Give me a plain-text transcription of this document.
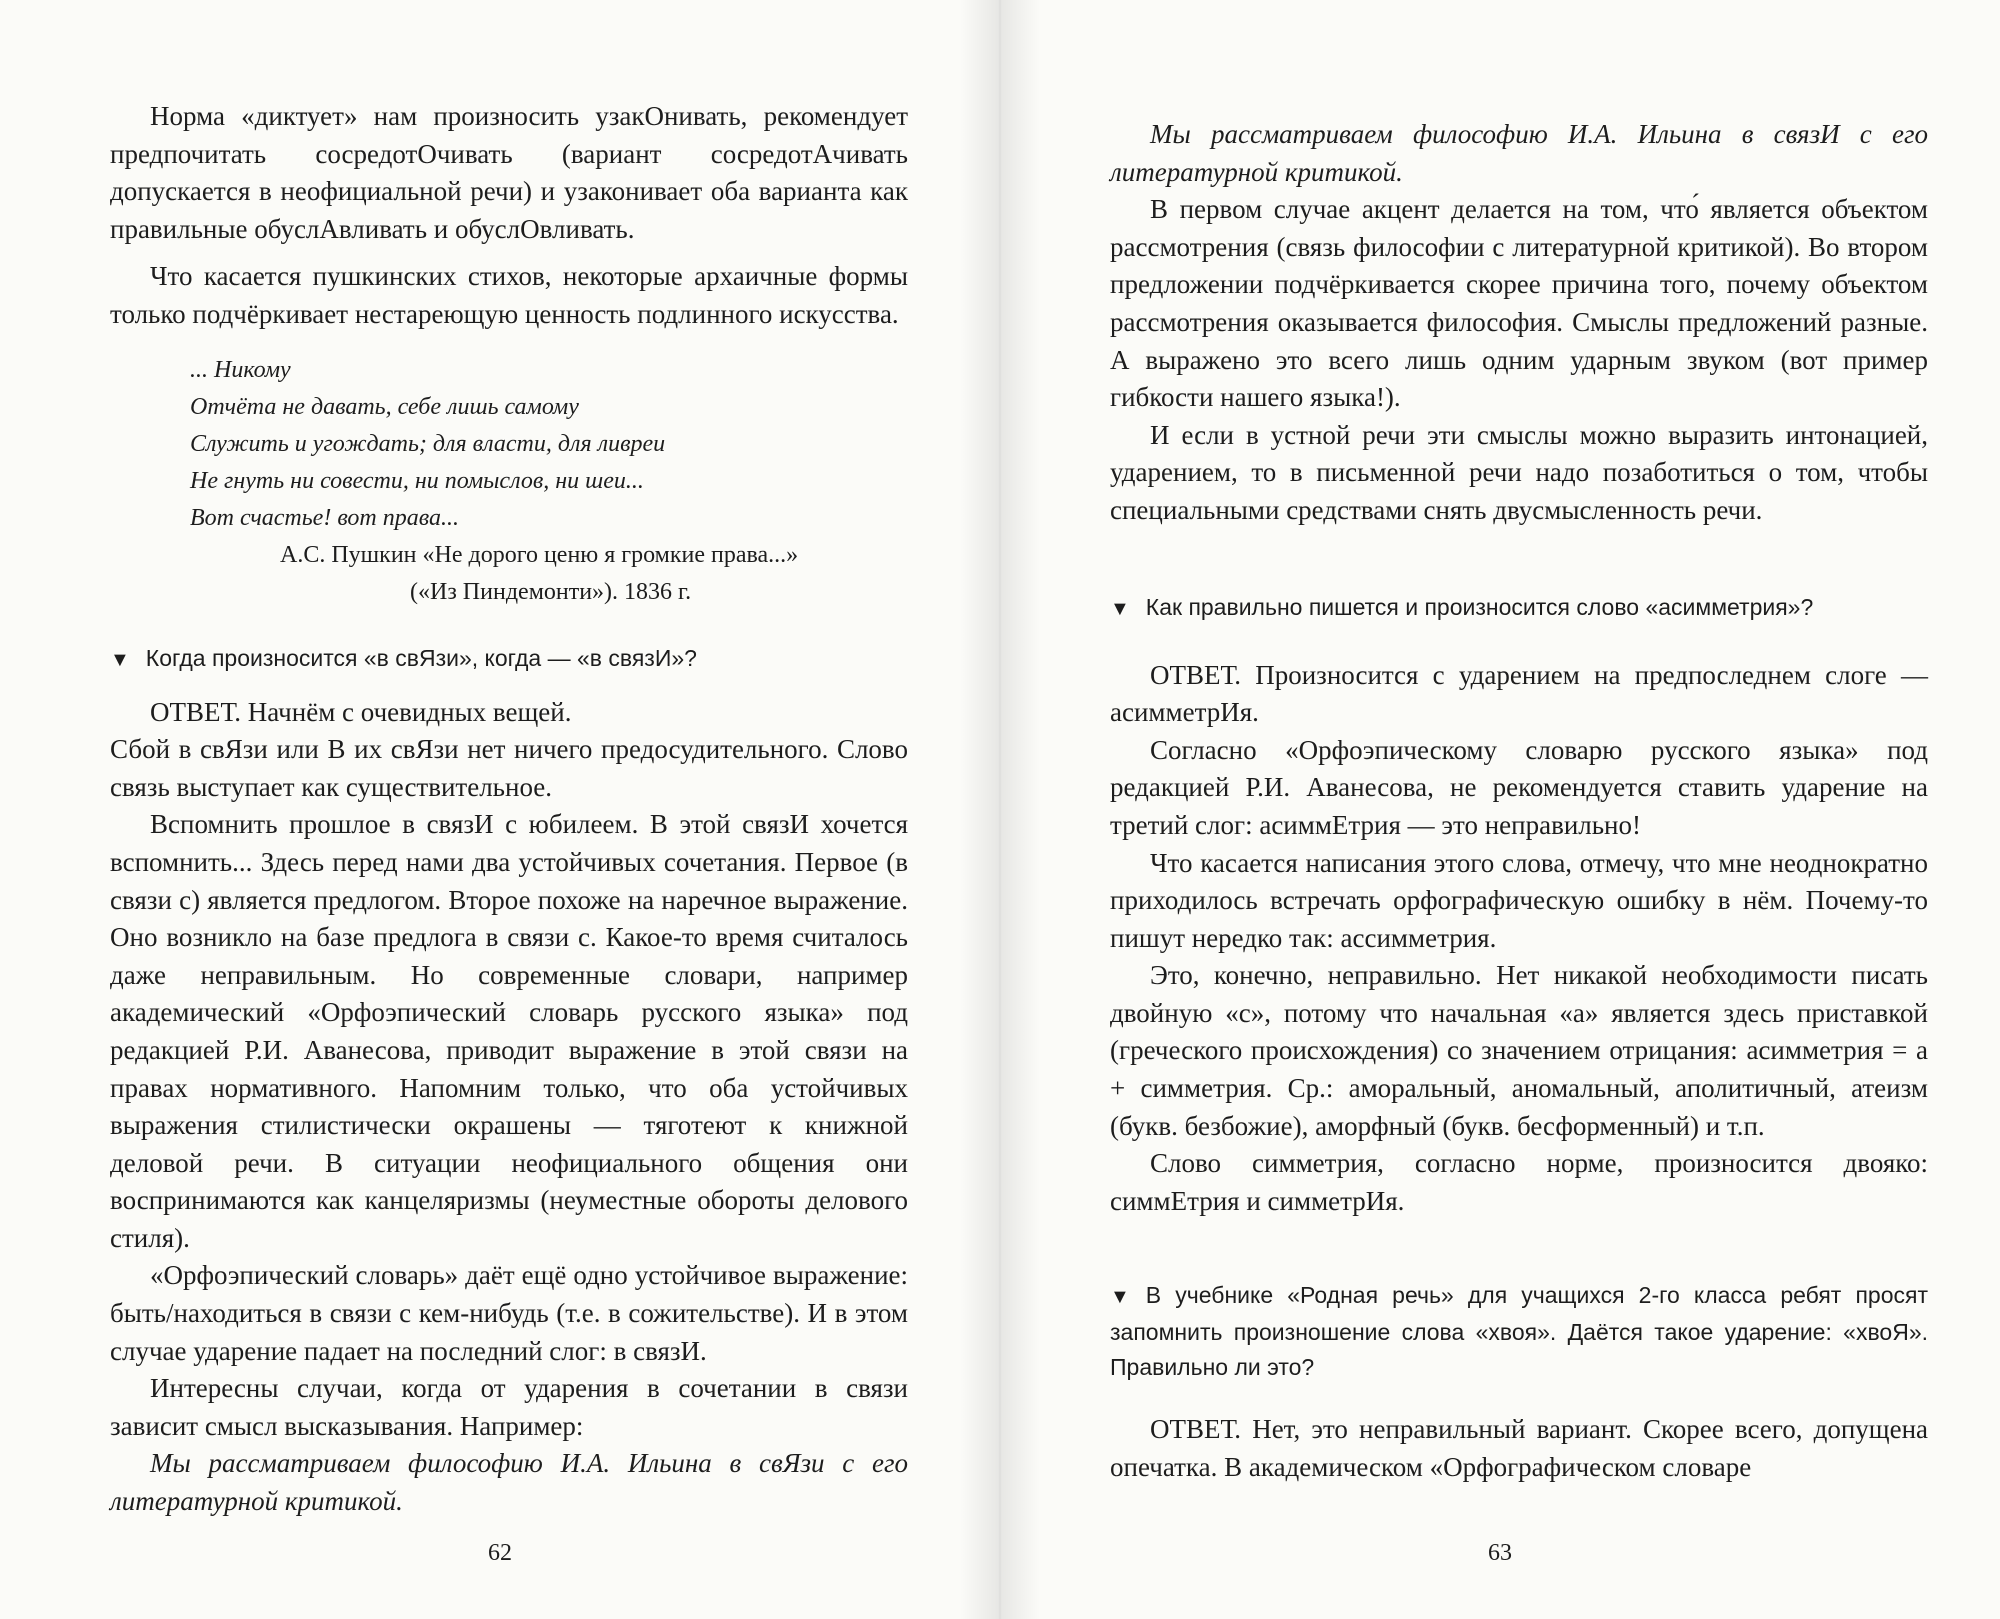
Норма «диктует» нам произносить узакОнивать, рекомендует предпочитать сосредотОчивать (вариант сосредотАчивать допускается в неофициальной речи) и узаконивает оба варианта как правильные обуслАвливать и обуслОвливать.

Что касается пушкинских стихов, некоторые архаичные формы только подчёркивает нестареющую ценность подлинного искусства.

... Никому
Отчёта не давать, себе лишь самому
Служить и угождать; для власти, для ливреи
Не гнуть ни совести, ни помыслов, ни шеи...
Вот счастье! вот права...
А.С. Пушкин «Не дорого ценю я громкие права...»
(«Из Пиндемонти»). 1836 г.
▼ Когда произносится «в свЯзи», когда — «в связИ»?

ОТВЕТ. Начнём с очевидных вещей.

Сбой в свЯзи или В их свЯзи нет ничего предосудительного. Слово связь выступает как существительное.

Вспомнить прошлое в связИ с юбилеем. В этой связИ хочется вспомнить... Здесь перед нами два устойчивых сочетания. Первое (в связи с) является предлогом. Второе похоже на наречное выражение. Оно возникло на базе предлога в связи с. Какое-то время считалось даже неправильным. Но современные словари, например академический «Орфоэпический словарь русского языка» под редакцией Р.И. Аванесова, приводит выражение в этой связи на правах нормативного. Напомним только, что оба устойчивых выражения стилистически окрашены — тяготеют к книжной деловой речи. В ситуации неофициального общения они воспринимаются как канцеляризмы (неуместные обороты делового стиля).

«Орфоэпический словарь» даёт ещё одно устойчивое выражение: быть/находиться в связи с кем-нибудь (т.е. в сожительстве). И в этом случае ударение падает на последний слог: в связИ.

Интересны случаи, когда от ударения в сочетании в связи зависит смысл высказывания. Например:

Мы рассматриваем философию И.А. Ильина в свЯзи с его литературной критикой.

62

Мы рассматриваем философию И.А. Ильина в связИ с его литературной критикой.

В первом случае акцент делается на том, что́ является объектом рассмотрения (связь философии с литературной критикой). Во втором предложении подчёркивается скорее причина того, почему объектом рассмотрения оказывается философия. Смыслы предложений разные. А выражено это всего лишь одним ударным звуком (вот пример гибкости нашего языка!).

И если в устной речи эти смыслы можно выразить интонацией, ударением, то в письменной речи надо позаботиться о том, чтобы специальными средствами снять двусмысленность речи.

▼ Как правильно пишется и произносится слово «асимметрия»?

ОТВЕТ. Произносится с ударением на предпоследнем слоге — асимметрИя.

Согласно «Орфоэпическому словарю русского языка» под редакцией Р.И. Аванесова, не рекомендуется ставить ударение на третий слог: асиммЕтрия — это неправильно!

Что касается написания этого слова, отмечу, что мне неоднократно приходилось встречать орфографическую ошибку в нём. Почему-то пишут нередко так: ассимметрия.

Это, конечно, неправильно. Нет никакой необходимости писать двойную «с», потому что начальная «а» является здесь приставкой (греческого происхождения) со значением отрицания: асимметрия = а + симметрия. Ср.: аморальный, аномальный, аполитичный, атеизм (букв. безбожие), аморфный (букв. бесформенный) и т.п.

Слово симметрия, согласно норме, произносится двояко: симмЕтрия и симметрИя.

▼ В учебнике «Родная речь» для учащихся 2-го класса ребят просят запомнить произношение слова «хвоя». Даётся такое ударение: «хвоЯ». Правильно ли это?

ОТВЕТ. Нет, это неправильный вариант. Скорее всего, допущена опечатка. В академическом «Орфографическом словаре

63
